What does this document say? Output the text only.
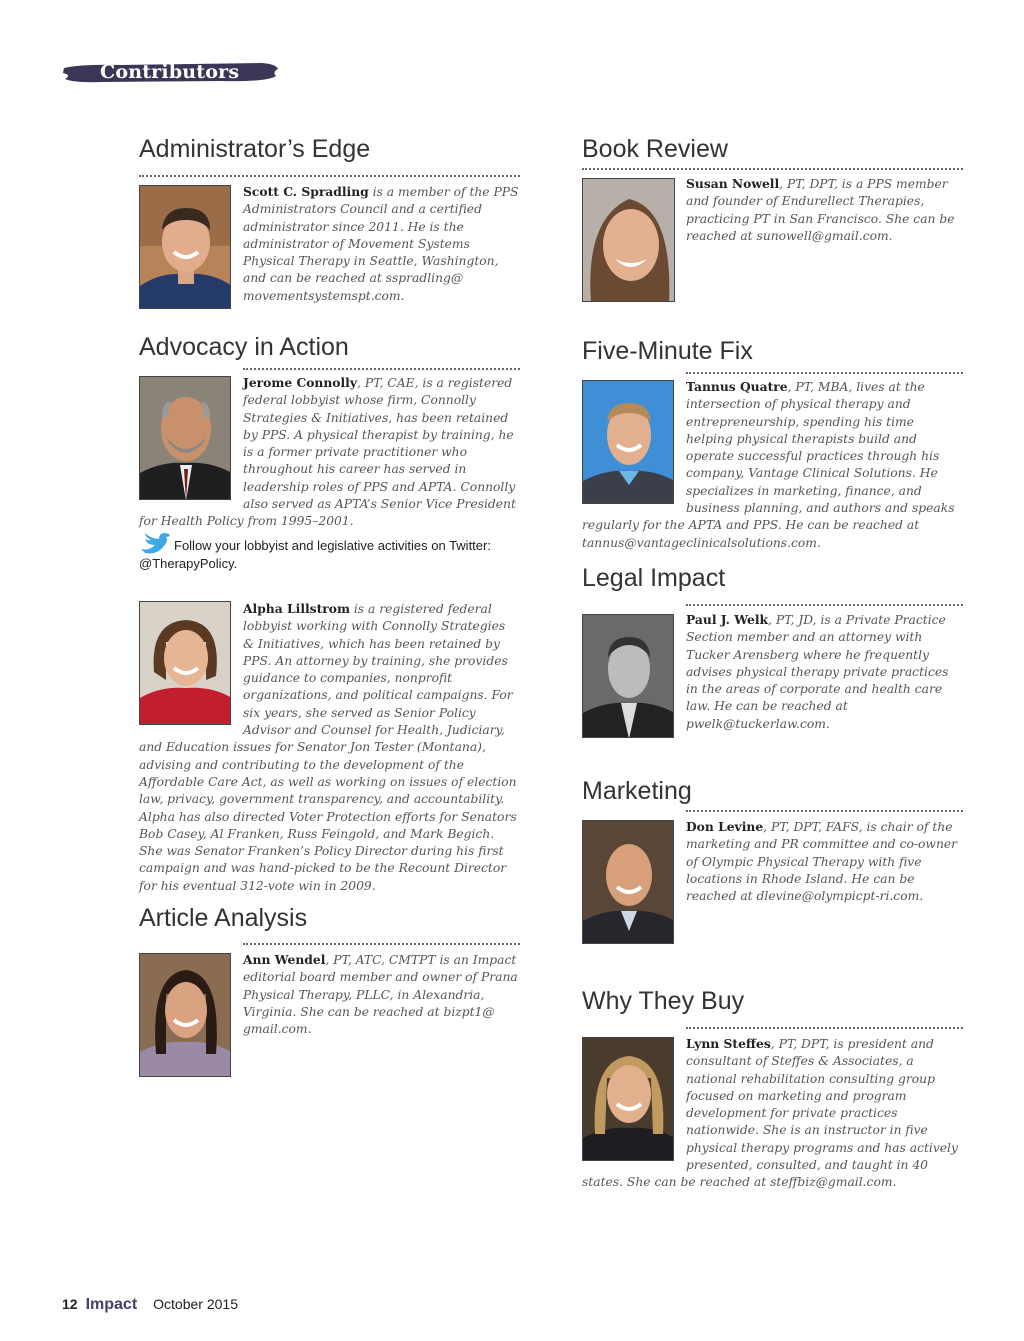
Contributors
Administrator’s Edge

Scott C. Spradling is a member of the PPS Administrators Council and a certified administrator since 2011. He is the administrator of Movement Systems Physical Therapy in Seattle, Washington, and can be reached at sspradling@ movementsystemspt.com.

Advocacy in Action

Jerome Connolly, PT, CAE, is a registered federal lobbyist whose firm, Connolly Strategies & Initiatives, has been retained by PPS. A physical therapist by training, he is a former private practitioner who throughout his career has served in leadership roles of PPS and APTA. Connolly also served as APTA’s Senior Vice President for Health Policy from 1995–2001.

Follow your lobbyist and legislative activities on Twitter: @TherapyPolicy.

Alpha Lillstrom is a registered federal lobbyist working with Connolly Strategies & Initiatives, which has been retained by PPS. An attorney by training, she provides guidance to companies, nonprofit organizations, and political campaigns. For six years, she served as Senior Policy Advisor and Counsel for Health, Judiciary, and Education issues for Senator Jon Tester (Montana), advising and contributing to the development of the Affordable Care Act, as well as working on issues of election law, privacy, government transparency, and accountability. Alpha has also directed Voter Protection efforts for Senators Bob Casey, Al Franken, Russ Feingold, and Mark Begich. She was Senator Franken’s Policy Director during his first campaign and was hand-picked to be the Recount Director for his eventual 312-vote win in 2009.

Article Analysis

Ann Wendel, PT, ATC, CMTPT is an Impact editorial board member and owner of Prana Physical Therapy, PLLC, in Alexandria, Virginia. She can be reached at bizpt1@ gmail.com.

Book Review

Susan Nowell, PT, DPT, is a PPS member and founder of Endurellect Therapies, practicing PT in San Francisco. She can be reached at sunowell@gmail.com.

Five-Minute Fix

Tannus Quatre, PT, MBA, lives at the intersection of physical therapy and entrepreneurship, spending his time helping physical therapists build and operate successful practices through his company, Vantage Clinical Solutions. He specializes in marketing, finance, and business planning, and authors and speaks regularly for the APTA and PPS. He can be reached at tannus@vantageclinicalsolutions.com.

Legal Impact

Paul J. Welk, PT, JD, is a Private Practice Section member and an attorney with Tucker Arensberg where he frequently advises physical therapy private practices in the areas of corporate and health care law. He can be reached at pwelk@tuckerlaw.com.

Marketing

Don Levine, PT, DPT, FAFS, is chair of the marketing and PR committee and co-owner of Olympic Physical Therapy with five locations in Rhode Island. He can be reached at dlevine@olympicpt-ri.com.

Why They Buy

Lynn Steffes, PT, DPT, is president and consultant of Steffes & Associates, a national rehabilitation consulting group focused on marketing and program development for private practices nationwide. She is an instructor in five physical therapy programs and has actively presented, consulted, and taught in 40 states. She can be reached at steffbiz@gmail.com.

12 Impact October 2015
